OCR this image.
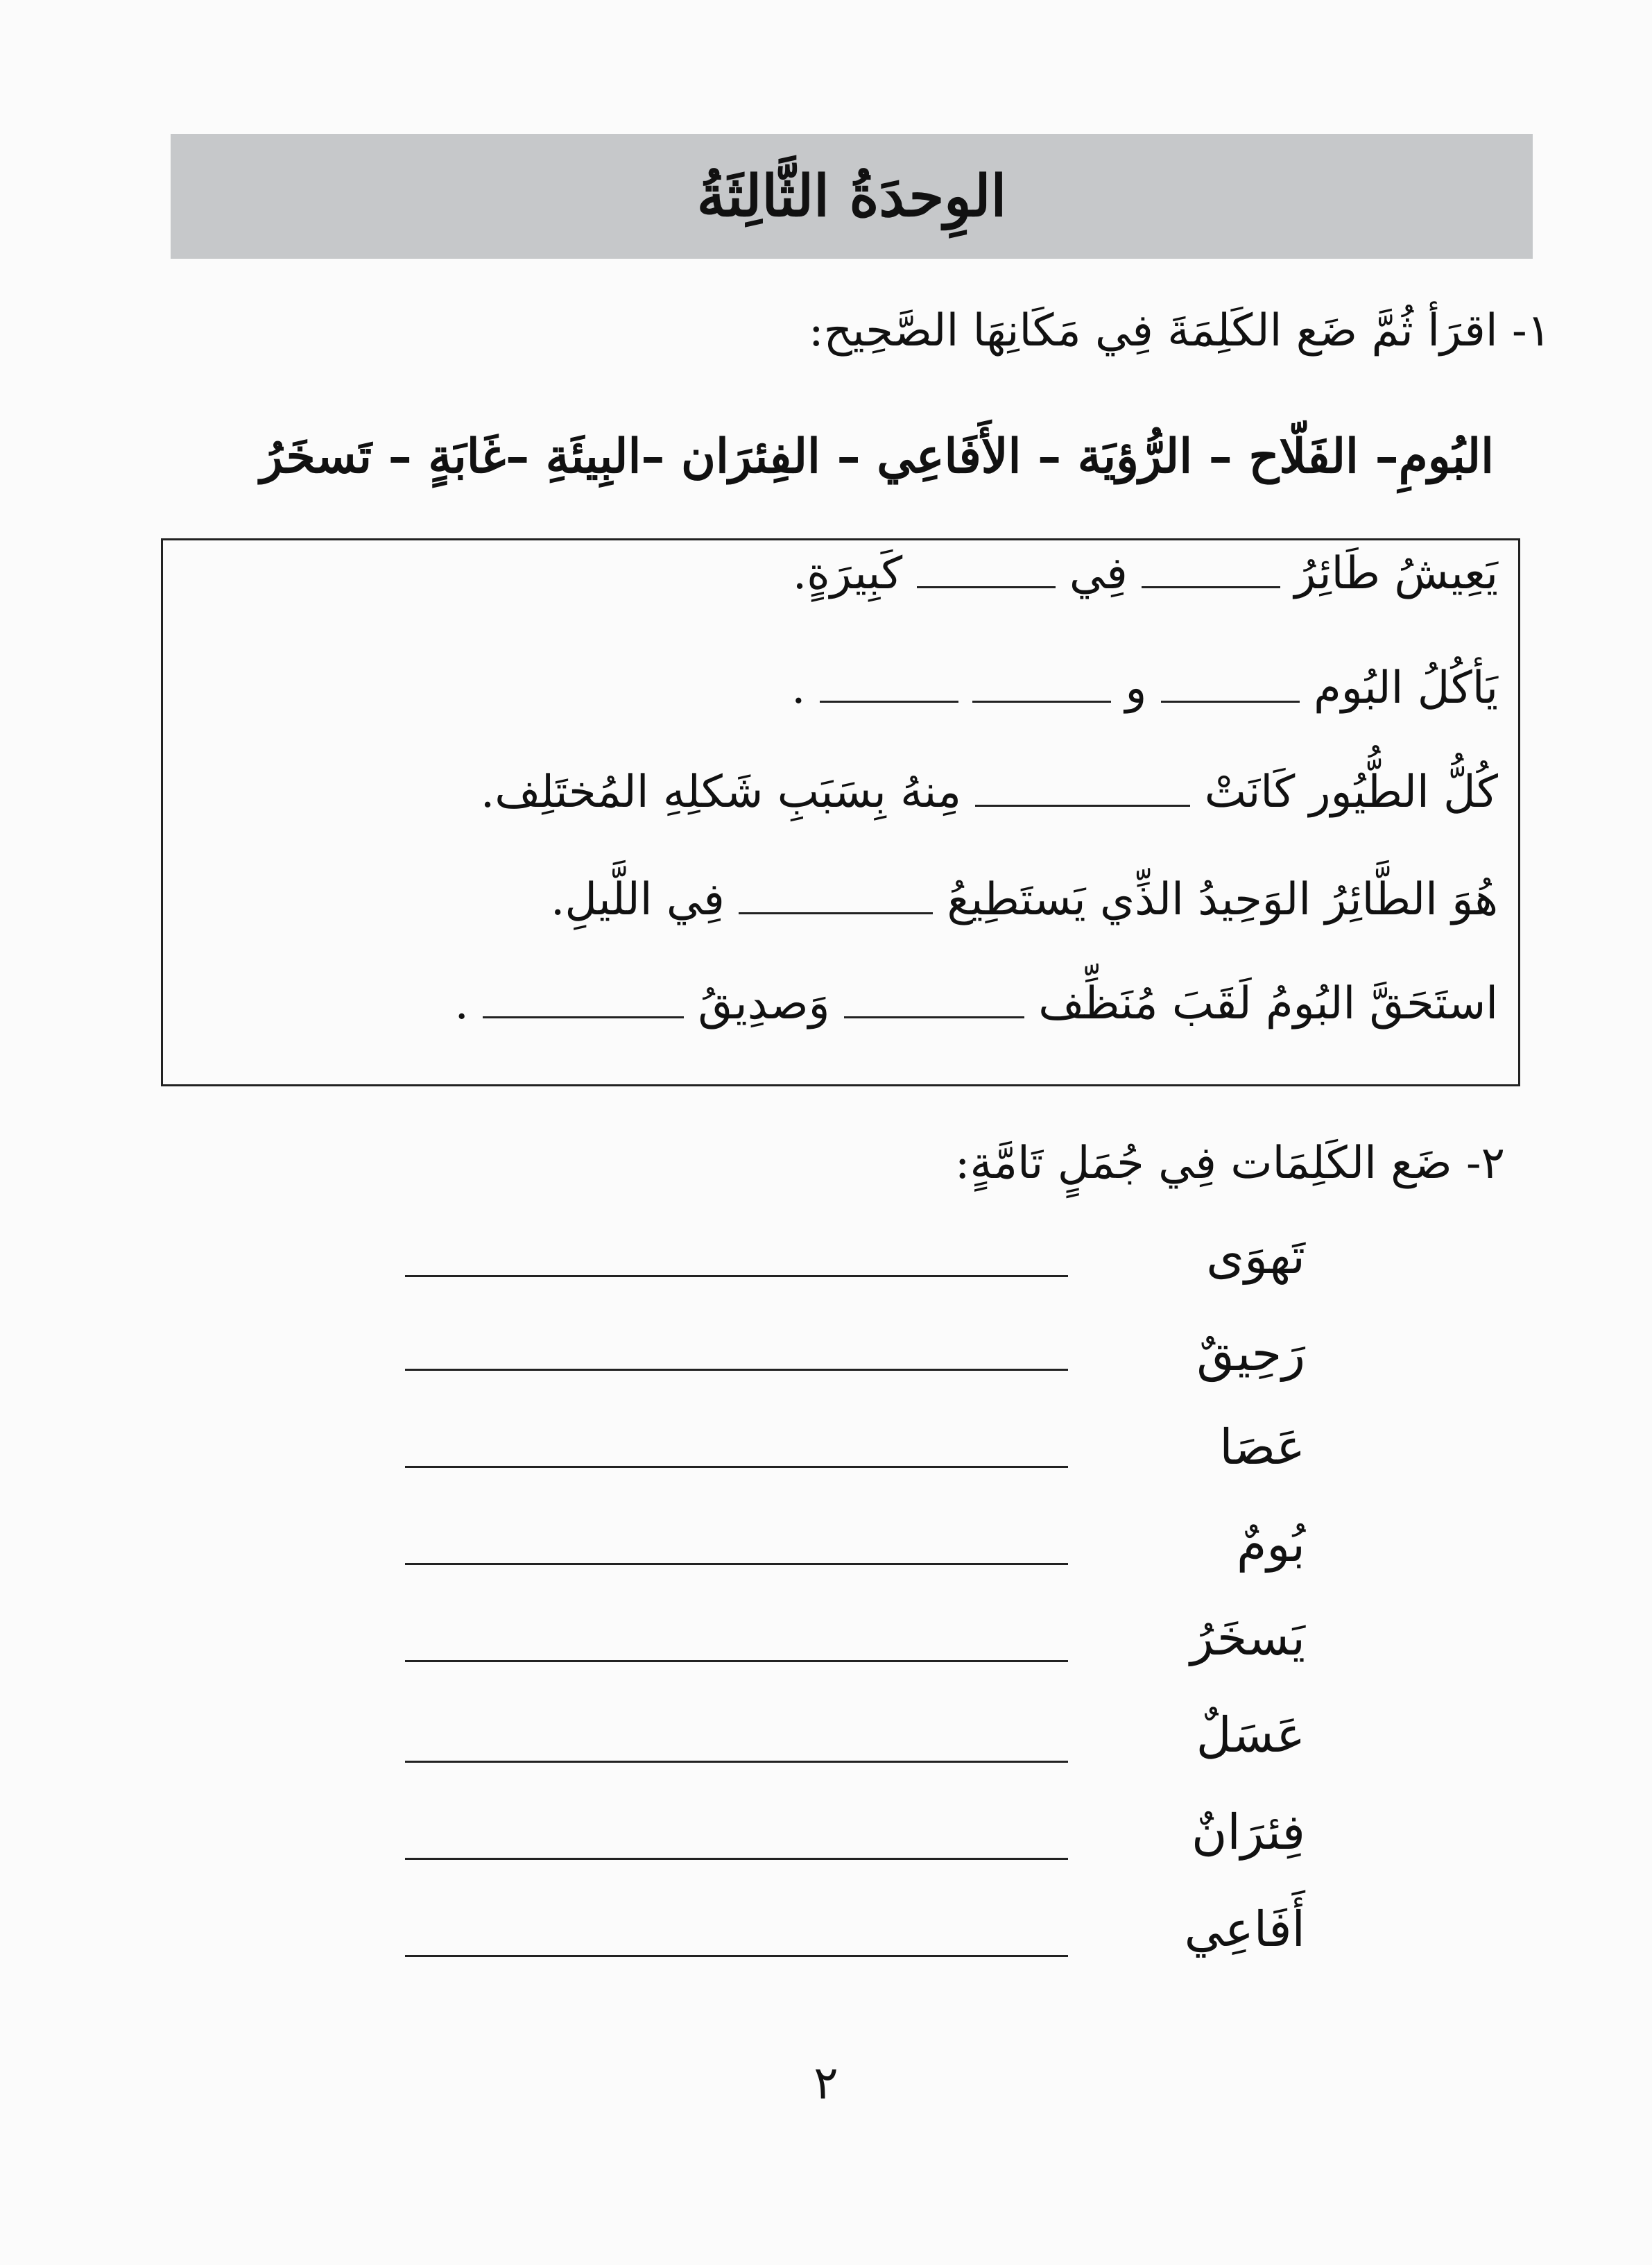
الوِحدَةُ الثَّالِثَةُ
١- اقرَأ ثُمَّ ضَع الكَلِمَةَ فِي مَكَانِهَا الصَّحِيح:
البُومِ– الفَلّاح – الرُّؤيَة – الأَفَاعِي – الفِئرَان –البِيئَةِ –غَابَةٍ – تَسخَرُ
يَعِيشُ طَائِرُ  فِي  كَبِيرَةٍ.
يَأكُلُ البُوم  و   .
كُلُّ الطُّيُور كَانَتْ  مِنهُ بِسَبَبِ شَكلِهِ المُختَلِف.
هُوَ الطَّائِرُ الوَحِيدُ الذِّي يَستَطِيعُ  فِي اللَّيلِ.
استَحَقَّ البُومُ لَقَبَ مُنَظِّف  وَصدِيقُ  .
٢- ضَع الكَلِمَات فِي جُمَلٍ تَامَّةٍ:
تَهوَى
رَحِيقٌ
عَصَا
بُومٌ
يَسخَرُ
عَسَلٌ
فِئرَانٌ
أَفَاعِي
٢
